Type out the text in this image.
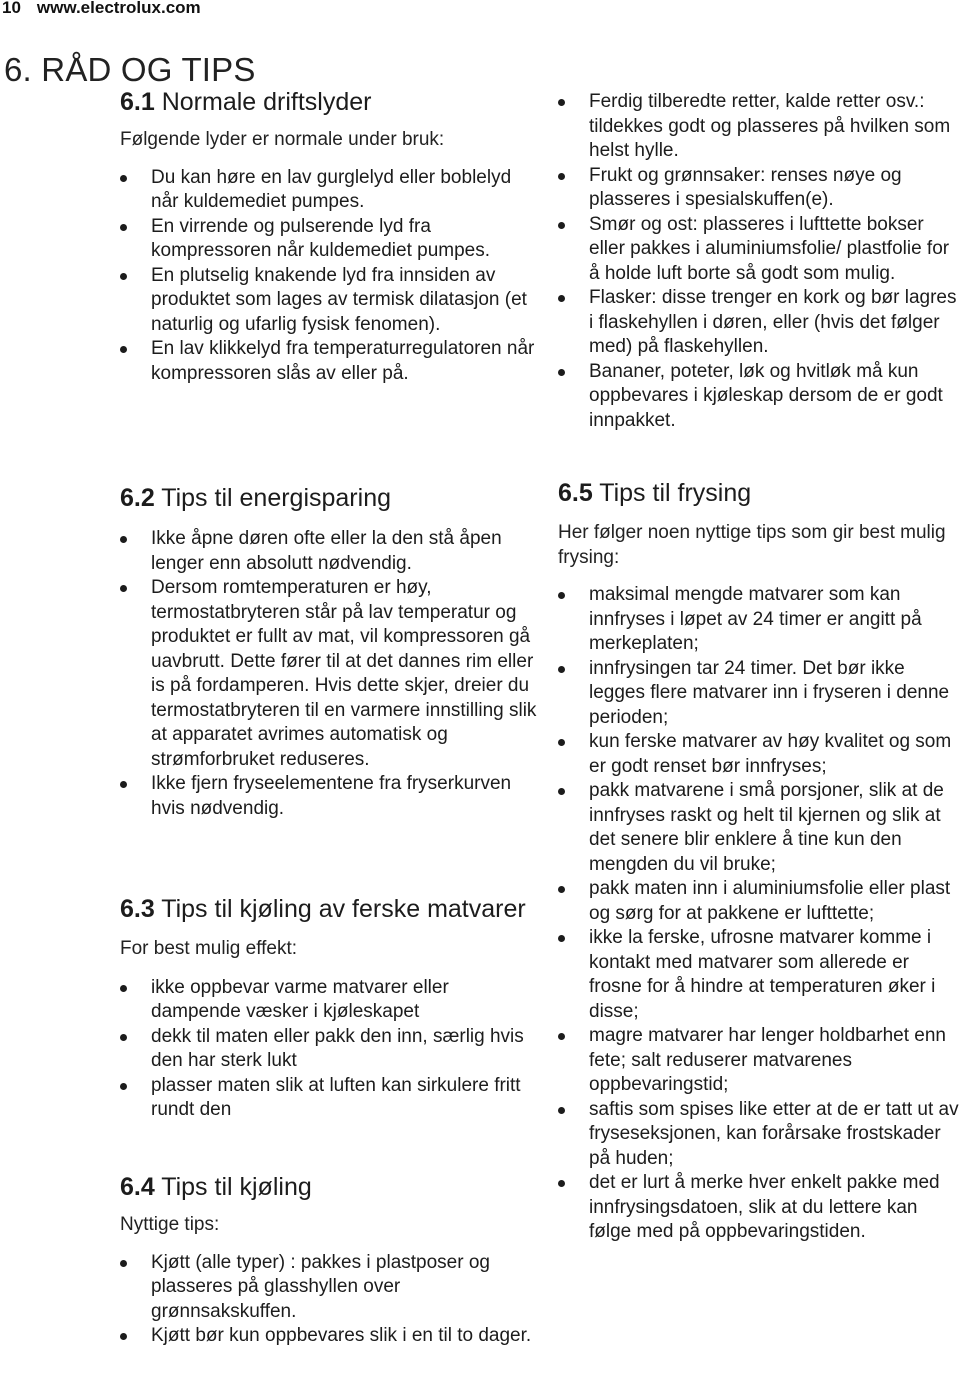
10 www.electrolux.com
6. RÅD OG TIPS
6.1 Normale driftslyder

Følgende lyder er normale under bruk:

Du kan høre en lav gurglelyd eller boblelyd når kuldemediet pumpes.
En virrende og pulserende lyd fra kompressoren når kuldemediet pumpes.
En plutselig knakende lyd fra innsiden av produktet som lages av termisk dilatasjon (et naturlig og ufarlig fysisk fenomen).
En lav klikkelyd fra temperaturregulatoren når kompressoren slås av eller på.
6.2 Tips til energisparing
Ikke åpne døren ofte eller la den stå åpen lenger enn absolutt nødvendig.
Dersom romtemperaturen er høy, termostatbryteren står på lav temperatur og produktet er fullt av mat, vil kompressoren gå uavbrutt. Dette fører til at det dannes rim eller is på fordamperen. Hvis dette skjer, dreier du termostatbryteren til en varmere innstilling slik at apparatet avrimes automatisk og strømforbruket reduseres.
Ikke fjern fryseelementene fra fryserkurven hvis nødvendig.
6.3 Tips til kjøling av ferske matvarer

For best mulig effekt:

ikke oppbevar varme matvarer eller dampende væsker i kjøleskapet
dekk til maten eller pakk den inn, særlig hvis den har sterk lukt
plasser maten slik at luften kan sirkulere fritt rundt den
6.4 Tips til kjøling

Nyttige tips:

Kjøtt (alle typer) : pakkes i plastposer og plasseres på glasshyllen over grønnsakskuffen.
Kjøtt bør kun oppbevares slik i en til to dager.
Ferdig tilberedte retter, kalde retter osv.: tildekkes godt og plasseres på hvilken som helst hylle.
Frukt og grønnsaker: renses nøye og plasseres i spesialskuffen(e).
Smør og ost: plasseres i lufttette bokser eller pakkes i aluminiumsfolie/ plastfolie for å holde luft borte så godt som mulig.
Flasker: disse trenger en kork og bør lagres i flaskehyllen i døren, eller (hvis det følger med) på flaskehyllen.
Bananer, poteter, løk og hvitløk må kun oppbevares i kjøleskap dersom de er godt innpakket.
6.5 Tips til frysing

Her følger noen nyttige tips som gir best mulig frysing:

maksimal mengde matvarer som kan innfryses i løpet av 24 timer er angitt på merkeplaten;
innfrysingen tar 24 timer. Det bør ikke legges flere matvarer inn i fryseren i denne perioden;
kun ferske matvarer av høy kvalitet og som er godt renset bør innfryses;
pakk matvarene i små porsjoner, slik at de innfryses raskt og helt til kjernen og slik at det senere blir enklere å tine kun den mengden du vil bruke;
pakk maten inn i aluminiumsfolie eller plast og sørg for at pakkene er lufttette;
ikke la ferske, ufrosne matvarer komme i kontakt med matvarer som allerede er frosne for å hindre at temperaturen øker i disse;
magre matvarer har lenger holdbarhet enn fete; salt reduserer matvarenes oppbevaringstid;
saftis som spises like etter at de er tatt ut av fryseseksjonen, kan forårsake frostskader på huden;
det er lurt å merke hver enkelt pakke med innfrysingsdatoen, slik at du lettere kan følge med på oppbevaringstiden.
